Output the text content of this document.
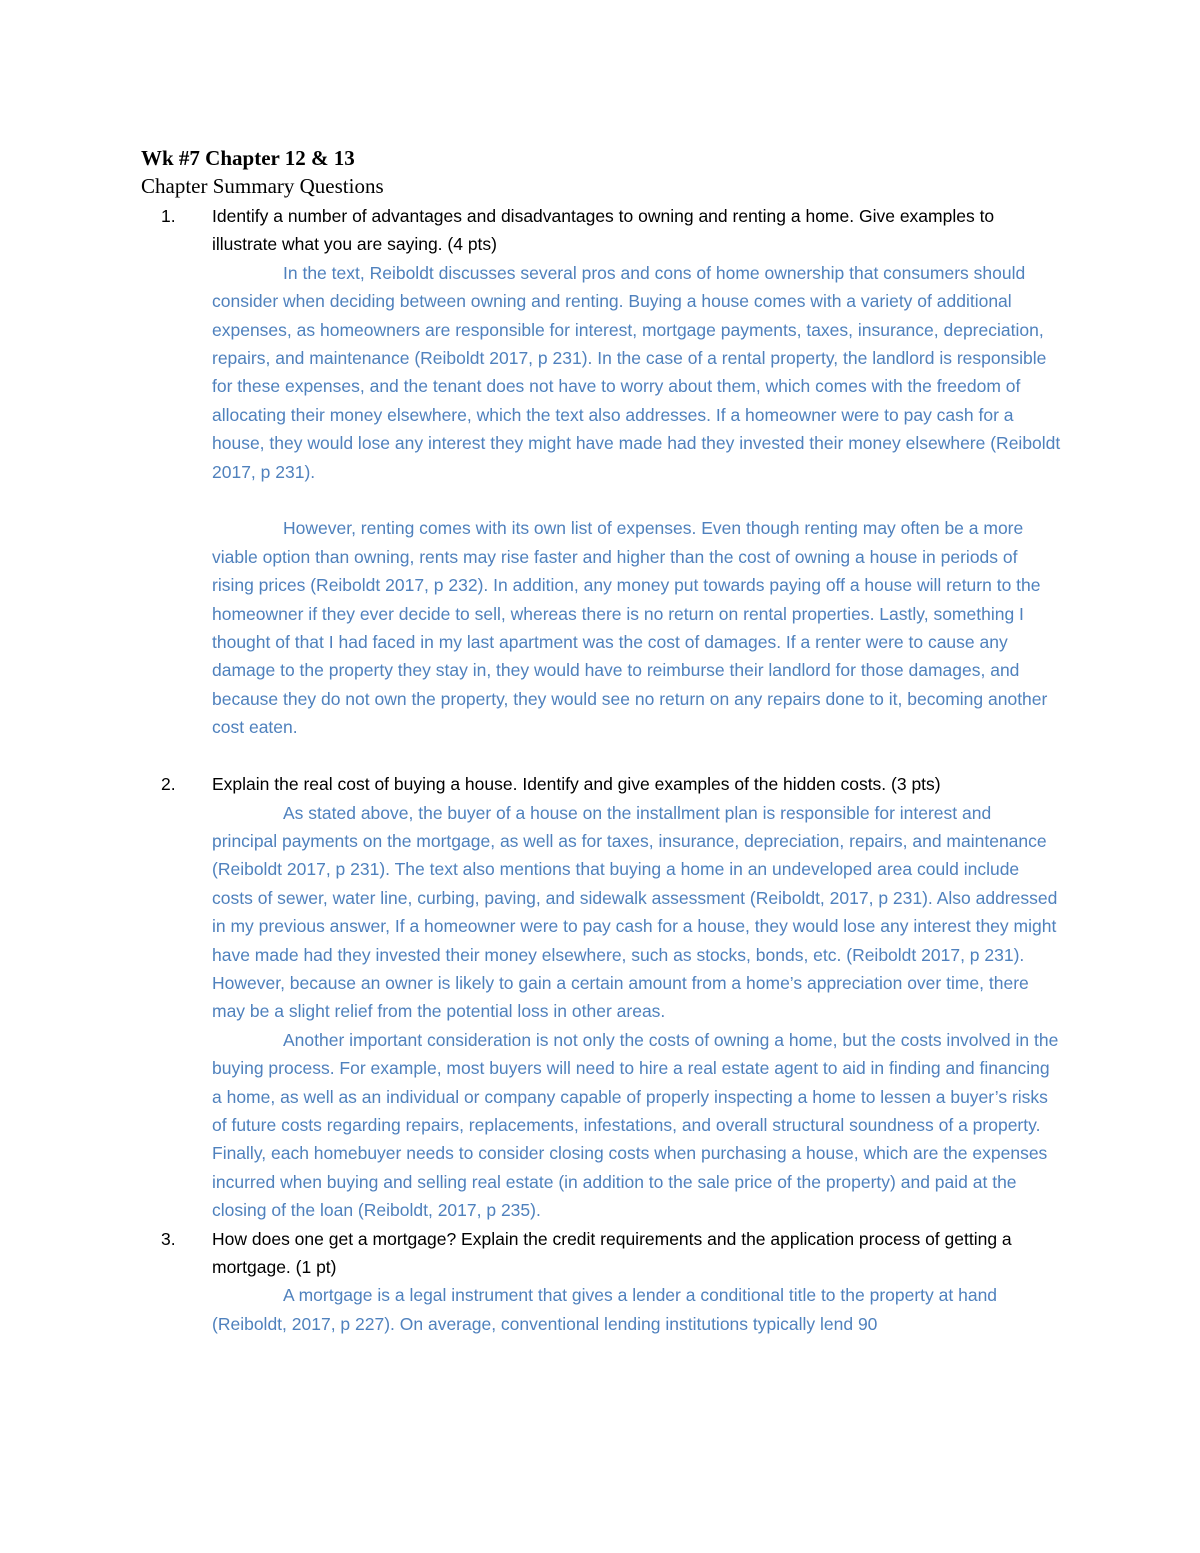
Wk #7 Chapter 12 & 13

Chapter Summary Questions

1. Identify a number of advantages and disadvantages to owning and renting a home. Give examples to illustrate what you are saying. (4 pts)

In the text, Reiboldt discusses several pros and cons of home ownership that consumers should consider when deciding between owning and renting. Buying a house comes with a variety of additional expenses, as homeowners are responsible for interest, mortgage payments, taxes, insurance, depreciation, repairs, and maintenance (Reiboldt 2017, p 231). In the case of a rental property, the landlord is responsible for these expenses, and the tenant does not have to worry about them, which comes with the freedom of allocating their money elsewhere, which the text also addresses. If a homeowner were to pay cash for a house, they would lose any interest they might have made had they invested their money elsewhere (Reiboldt 2017, p 231).

However, renting comes with its own list of expenses. Even though renting may often be a more viable option than owning, rents may rise faster and higher than the cost of owning a house in periods of rising prices (Reiboldt 2017, p 232). In addition, any money put towards paying off a house will return to the homeowner if they ever decide to sell, whereas there is no return on rental properties. Lastly, something I thought of that I had faced in my last apartment was the cost of damages. If a renter were to cause any damage to the property they stay in, they would have to reimburse their landlord for those damages, and because they do not own the property, they would see no return on any repairs done to it, becoming another cost eaten.

2. Explain the real cost of buying a house. Identify and give examples of the hidden costs. (3 pts)

As stated above, the buyer of a house on the installment plan is responsible for interest and principal payments on the mortgage, as well as for taxes, insurance, depreciation, repairs, and maintenance (Reiboldt 2017, p 231). The text also mentions that buying a home in an undeveloped area could include costs of sewer, water line, curbing, paving, and sidewalk assessment (Reiboldt, 2017, p 231). Also addressed in my previous answer, If a homeowner were to pay cash for a house, they would lose any interest they might have made had they invested their money elsewhere, such as stocks, bonds, etc. (Reiboldt 2017, p 231). However, because an owner is likely to gain a certain amount from a home’s appreciation over time, there may be a slight relief from the potential loss in other areas.

Another important consideration is not only the costs of owning a home, but the costs involved in the buying process. For example, most buyers will need to hire a real estate agent to aid in finding and financing a home, as well as an individual or company capable of properly inspecting a home to lessen a buyer’s risks of future costs regarding repairs, replacements, infestations, and overall structural soundness of a property. Finally, each homebuyer needs to consider closing costs when purchasing a house, which are the expenses incurred when buying and selling real estate (in addition to the sale price of the property) and paid at the closing of the loan (Reiboldt, 2017, p 235).

3. How does one get a mortgage? Explain the credit requirements and the application process of getting a mortgage. (1 pt)

A mortgage is a legal instrument that gives a lender a conditional title to the property at hand (Reiboldt, 2017, p 227). On average, conventional lending institutions typically lend 90
